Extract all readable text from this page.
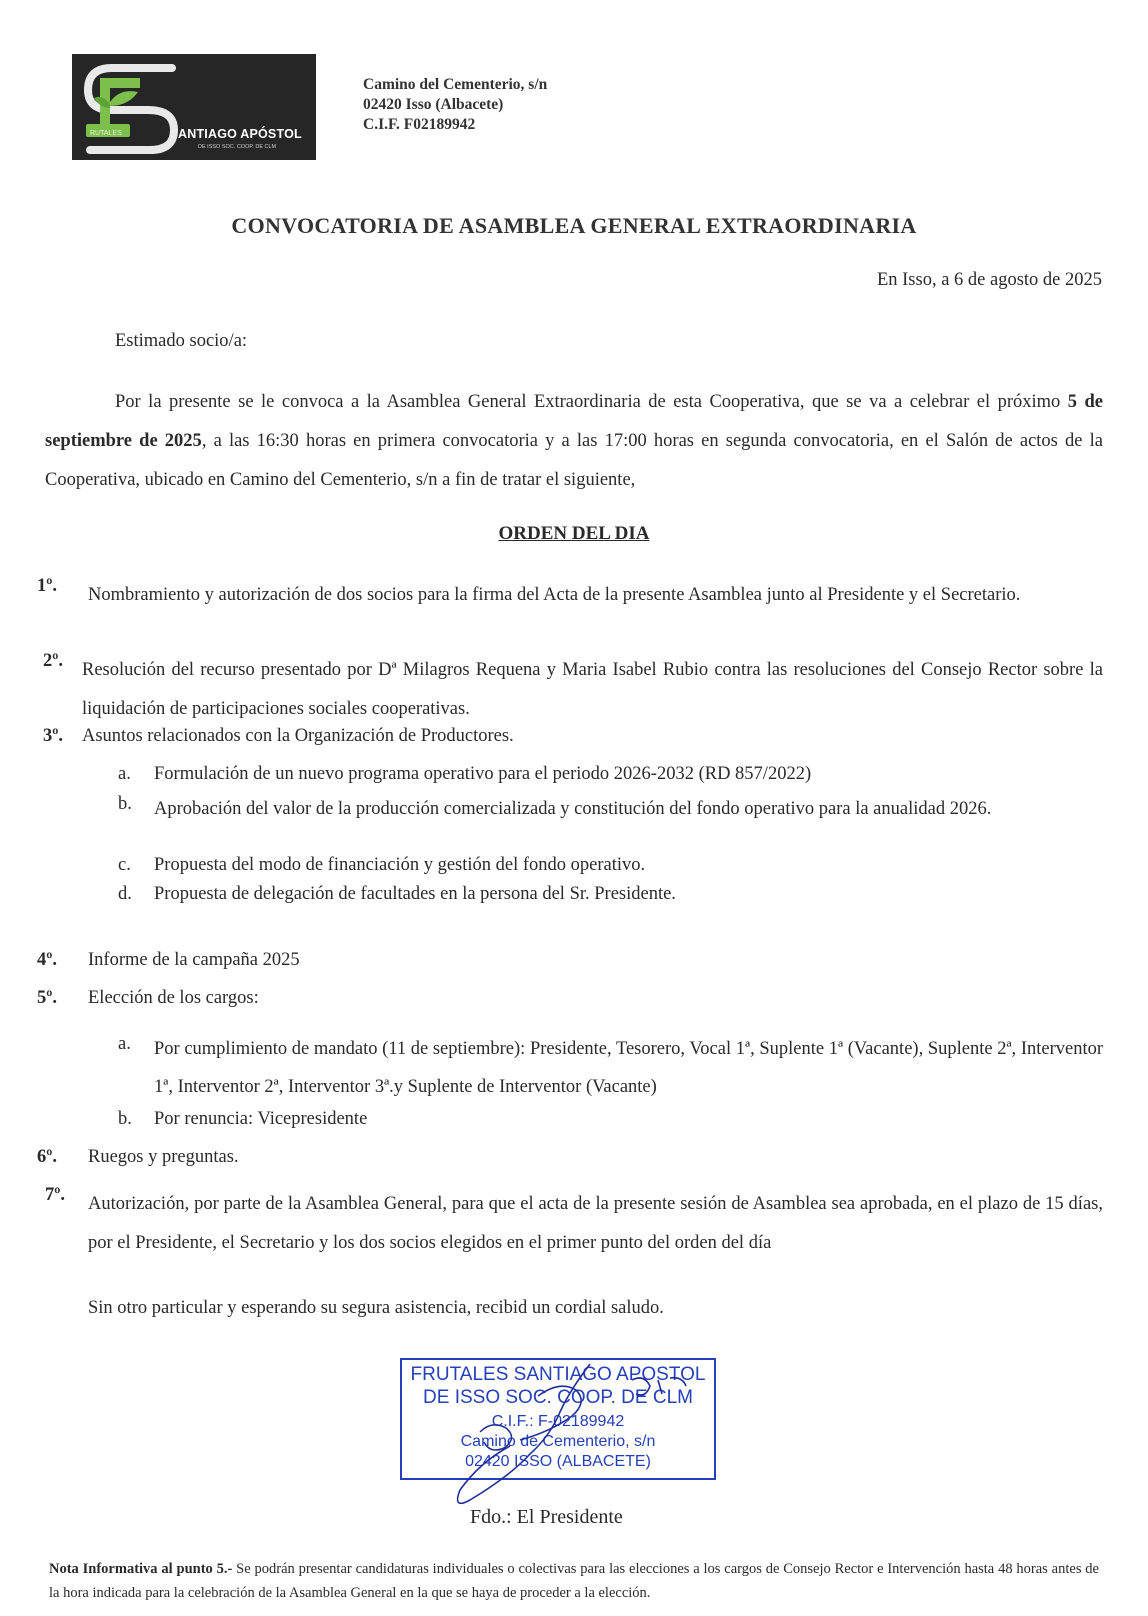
RUTALES	ANTIAGO APÓSTOL
DE ISSO SOC. COOP. DE CLM
Camino del Cementerio, s/n
02420 Isso (Albacete)
C.I.F. F02189942
CONVOCATORIA DE ASAMBLEA GENERAL EXTRAORDINARIA
En Isso, a 6 de agosto de 2025
Estimado socio/a:
Por la presente se le convoca a la Asamblea General Extraordinaria de esta Cooperativa, que se va a celebrar el próximo 5 de septiembre de 2025, a las 16:30 horas en primera convocatoria y a las 17:00 horas en segunda convocatoria, en el Salón de actos de la Cooperativa, ubicado en Camino del Cementerio, s/n a fin de tratar el siguiente,
ORDEN DEL DIA
1º. Nombramiento y autorización de dos socios para la firma del Acta de la presente Asamblea junto al Presidente y el Secretario.
2º. Resolución del recurso presentado por Dª Milagros Requena y Maria Isabel Rubio contra las resoluciones del Consejo Rector sobre la liquidación de participaciones sociales cooperativas.
3º. Asuntos relacionados con la Organización de Productores.
a. Formulación de un nuevo programa operativo para el periodo 2026-2032 (RD 857/2022)
b. Aprobación del valor de la producción comercializada y constitución del fondo operativo para la anualidad 2026.
c. Propuesta del modo de financiación y gestión del fondo operativo.
d. Propuesta de delegación de facultades en la persona del Sr. Presidente.
4º. Informe de la campaña 2025
5º. Elección de los cargos:
a. Por cumplimiento de mandato (11 de septiembre): Presidente, Tesorero, Vocal 1ª, Suplente 1ª (Vacante), Suplente 2ª, Interventor 1ª, Interventor 2ª, Interventor 3ª.y Suplente de Interventor (Vacante)
b. Por renuncia: Vicepresidente
6º. Ruegos y preguntas.
7º. Autorización, por parte de la Asamblea General, para que el acta de la presente sesión de Asamblea sea aprobada, en el plazo de 15 días, por el Presidente, el Secretario y los dos socios elegidos en el primer punto del orden del día
Sin otro particular y esperando su segura asistencia, recibid un cordial saludo.
FRUTALES SANTIAGO APOSTOL
DE ISSO SOC. COOP. DE CLM
C.I.F.: F-02189942
Camino de Cementerio, s/n
02420 ISSO (ALBACETE)
Fdo.: El Presidente
Nota Informativa al punto 5.- Se podrán presentar candidaturas individuales o colectivas para las elecciones a los cargos de Consejo Rector e Intervención hasta 48 horas antes de la hora indicada para la celebración de la Asamblea General en la que se haya de proceder a la elección.
